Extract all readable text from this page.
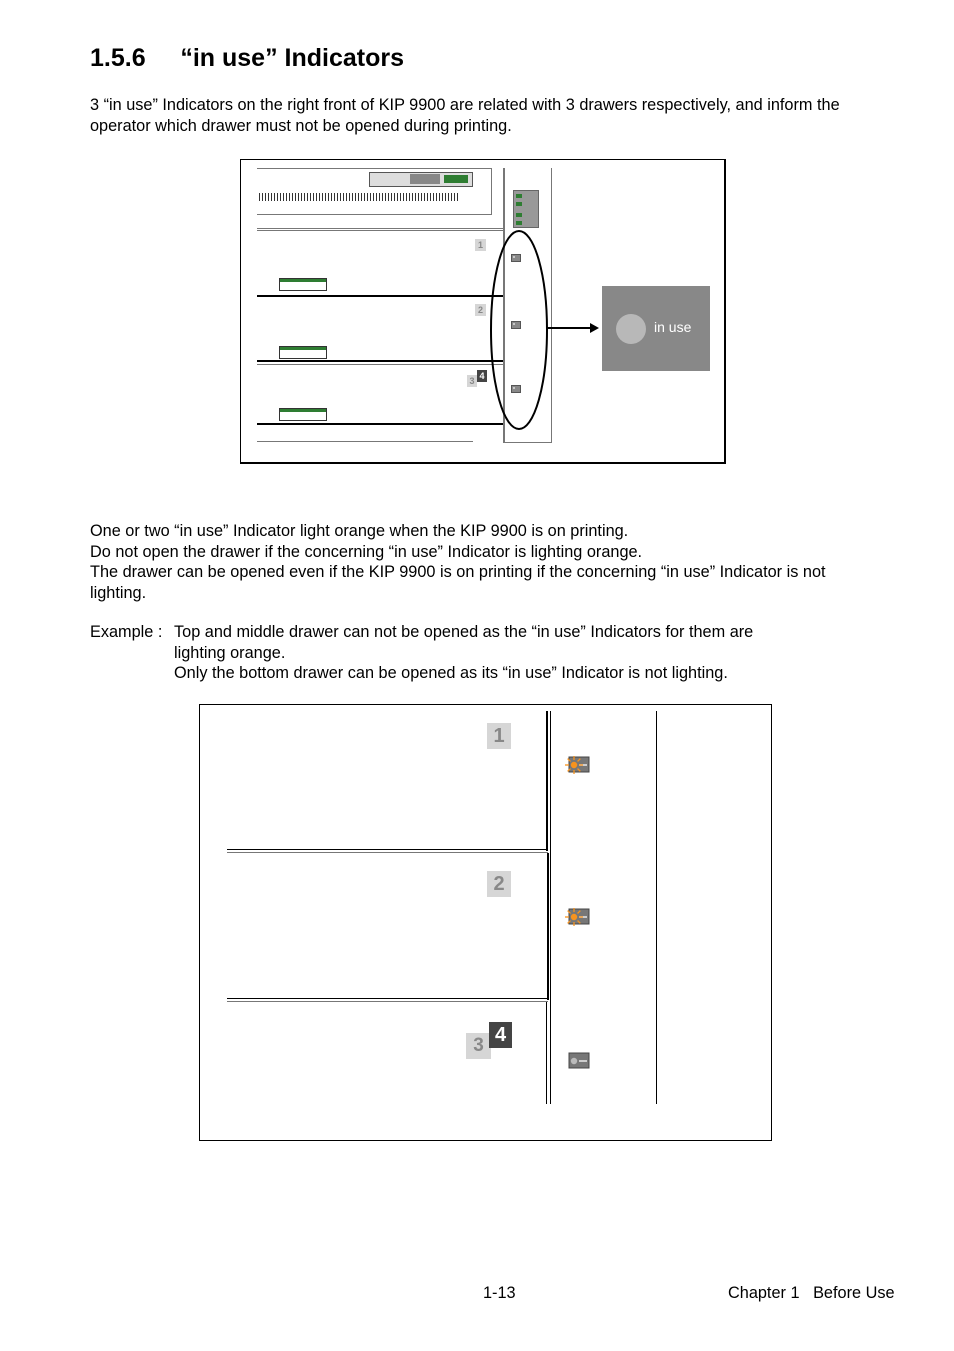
1.5.6 “in use” Indicators
3 “in use” Indicators on the right front of KIP 9900 are related with 3 drawers respectively, and inform the
operator which drawer must not be opened during printing.
1
2
3 4
in use
One or two “in use” Indicator light orange when the KIP 9900 is on printing.
Do not open the drawer if the concerning “in use” Indicator is lighting orange.
The drawer can be opened even if the KIP 9900 is on printing if the concerning “in use” Indicator is not
lighting.
Example : Top and middle drawer can not be opened as the “in use” Indicators for them are
lighting orange.
Only the bottom drawer can be opened as its “in use” Indicator is not lighting.
1
2
3 4
1-13	Chapter 1   Before Use
